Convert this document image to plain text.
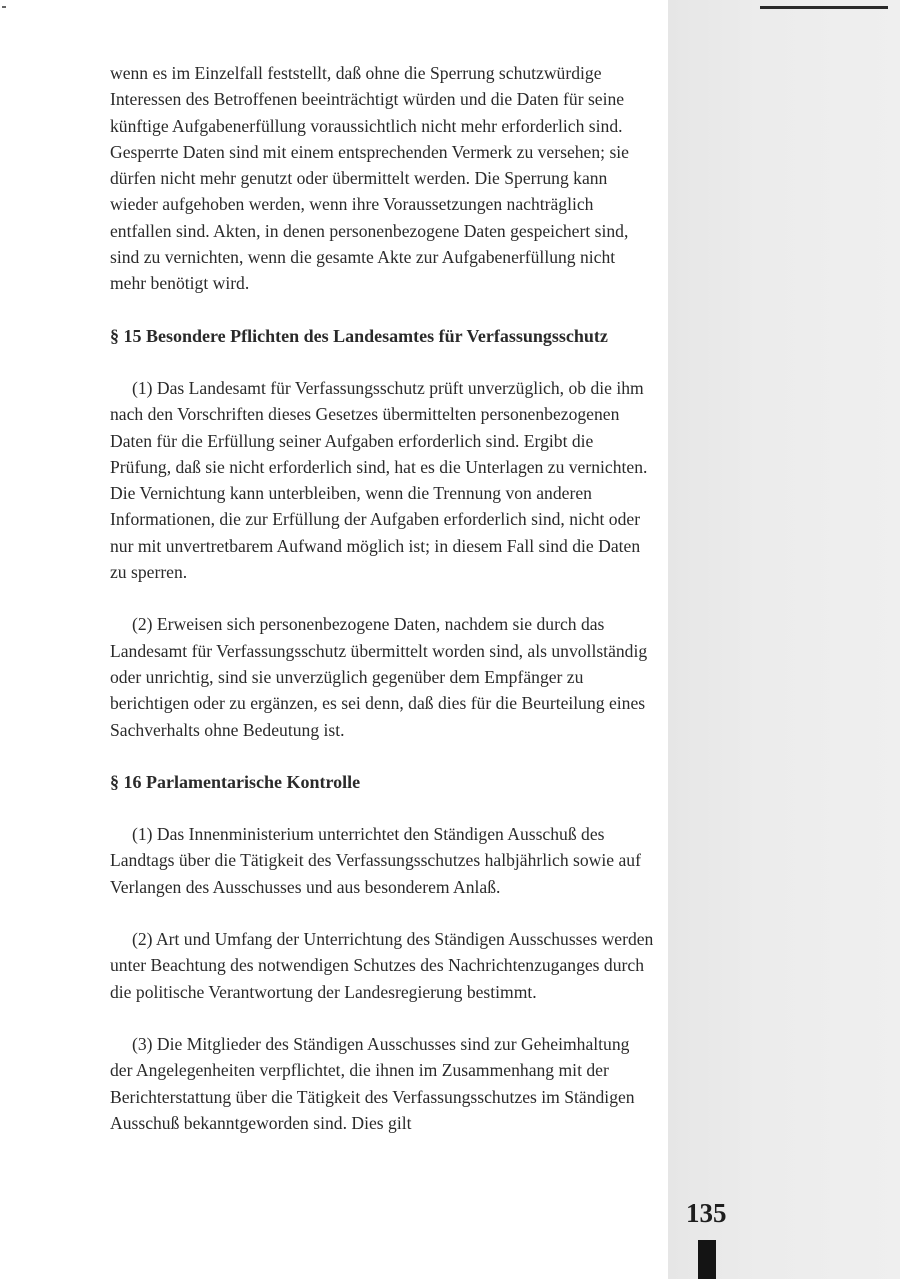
wenn es im Einzelfall feststellt, daß ohne die Sperrung schutzwürdige Interessen des Betroffenen beeinträchtigt würden und die Daten für seine künftige Aufgabenerfüllung voraussichtlich nicht mehr erforderlich sind. Gesperrte Daten sind mit einem entsprechenden Vermerk zu versehen; sie dürfen nicht mehr genutzt oder übermittelt werden. Die Sperrung kann wieder aufgehoben werden, wenn ihre Voraussetzungen nachträglich entfallen sind. Akten, in denen personenbezogene Daten gespeichert sind, sind zu vernichten, wenn die gesamte Akte zur Aufgabenerfüllung nicht mehr benötigt wird.

§ 15 Besondere Pflichten des Landesamtes für Verfassungsschutz

(1) Das Landesamt für Verfassungsschutz prüft unverzüglich, ob die ihm nach den Vorschriften dieses Gesetzes übermittelten personenbezogenen Daten für die Erfüllung seiner Aufgaben erforderlich sind. Ergibt die Prüfung, daß sie nicht erforderlich sind, hat es die Unterlagen zu vernichten. Die Vernichtung kann unterbleiben, wenn die Trennung von anderen Informationen, die zur Erfüllung der Aufgaben erforderlich sind, nicht oder nur mit unvertretbarem Aufwand möglich ist; in diesem Fall sind die Daten zu sperren.

(2) Erweisen sich personenbezogene Daten, nachdem sie durch das Landesamt für Verfassungsschutz übermittelt worden sind, als unvollständig oder unrichtig, sind sie unverzüglich gegenüber dem Empfänger zu berichtigen oder zu ergänzen, es sei denn, daß dies für die Beurteilung eines Sachverhalts ohne Bedeutung ist.

§ 16 Parlamentarische Kontrolle

(1) Das Innenministerium unterrichtet den Ständigen Ausschuß des Landtags über die Tätigkeit des Verfassungsschutzes halbjährlich sowie auf Verlangen des Ausschusses und aus besonderem Anlaß.

(2) Art und Umfang der Unterrichtung des Ständigen Ausschusses werden unter Beachtung des notwendigen Schutzes des Nachrichtenzuganges durch die politische Verantwortung der Landesregierung bestimmt.

(3) Die Mitglieder des Ständigen Ausschusses sind zur Geheimhaltung der Angelegenheiten verpflichtet, die ihnen im Zusammenhang mit der Berichterstattung über die Tätigkeit des Verfassungsschutzes im Ständigen Ausschuß bekanntgeworden sind. Dies gilt

135
